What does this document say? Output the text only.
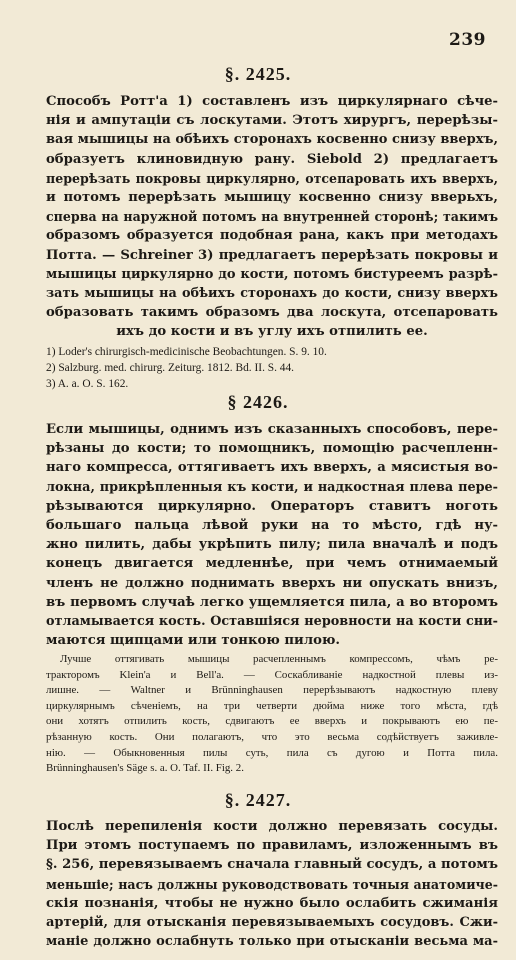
239
§. 2425.
Способъ Ротт'а 1) составленъ изъ циркулярнаго сѣче-
нія и ампутаціи съ лоскутами. Этотъ хирургъ, перерѣзы-
вая мышицы на обѣихъ сторонахъ косвенно снизу вверхъ,
образуетъ клиновидную рану. Siebold 2) предлагаетъ
перерѣзать покровы циркулярно, отсепаровать ихъ вверхъ,
и потомъ перерѣзать мышицу косвенно снизу вверьхъ,
сперва на наружной потомъ на внутренней сторонѣ; такимъ
образомъ образуется подобная рана, какъ при методахъ
Потта. — Schreiner 3) предлагаетъ перерѣзать покровы и
мышицы циркулярно до кости, потомъ бистуреемъ разрѣ-
зать мышицы на обѣихъ сторонахъ до кости, снизу вверхъ
образовать такимъ образомъ два лоскута, отсепаровать
ихъ до кости и въ углу ихъ отпилить ее.
1) Loder's chirurgisch-medicinische Beobachtungen. S. 9. 10.
2) Salzburg. med. chirurg. Zeiturg. 1812. Bd. II. S. 44.
3) A. a. O. S. 162.
§ 2426.
Если мышицы, однимъ изъ сказанныхъ способовъ, пере-
рѣзаны до кости; то помощникъ, помощію расчепленн-
наго компресса, оттягиваетъ ихъ вверхъ, а мясистыя во-
локна, прикрѣпленныя къ кости, и надкостная плева пере-
рѣзываются циркулярно. Операторъ ставитъ ноготь
большаго пальца лѣвой руки на то мѣсто, гдѣ ну-
жно пилить, дабы укрѣпить пилу; пила вначалѣ и подъ
конецъ двигается медленнѣе, при чемъ отнимаемый
членъ не должно поднимать вверхъ ни опускать внизъ,
въ первомъ случаѣ легко ущемляется пила, а во второмъ
отламывается кость. Оставшіяся неровности на кости сни-
маются щипцами или тонкою пилою.
Лучше оттягивать мышицы расчепленнымъ компрессомъ, чѣмъ ре-
тракторомъ Klein'a и Bell'a. — Соскабливаніе надкостной плевы из-
лишне. — Waltner и Brünninghausen перерѣзываютъ надкостную плеву
циркулярнымъ сѣченіемъ, на три четверти дюйма ниже того мѣста, гдѣ
они хотятъ отпилить кость, сдвигаютъ ее вверхъ и покрываютъ ею пе-
рѣзанную кость. Они полагаютъ, что это весьма содѣйствуетъ заживле-
нію. — Обыкновенныя пилы суть, пила съ дугою и Потта пила.
Brünninghausen's Säge s. a. O. Taf. II. Fig. 2.
§. 2427.
Послѣ перепиленія кости должно перевязать сосуды.
При этомъ поступаемъ по правиламъ, изложеннымъ въ
§. 256, перевязываемъ сначала главный сосудъ, а потомъ
меньшіе; насъ должны руководствовать точныя анатомиче-
скія познанія, чтобы не нужно было ослабить сжиманія
артерій, для отысканія перевязываемыхъ сосудовъ. Сжи-
маніе должно ослабнуть только при отысканіи весьма ма-
